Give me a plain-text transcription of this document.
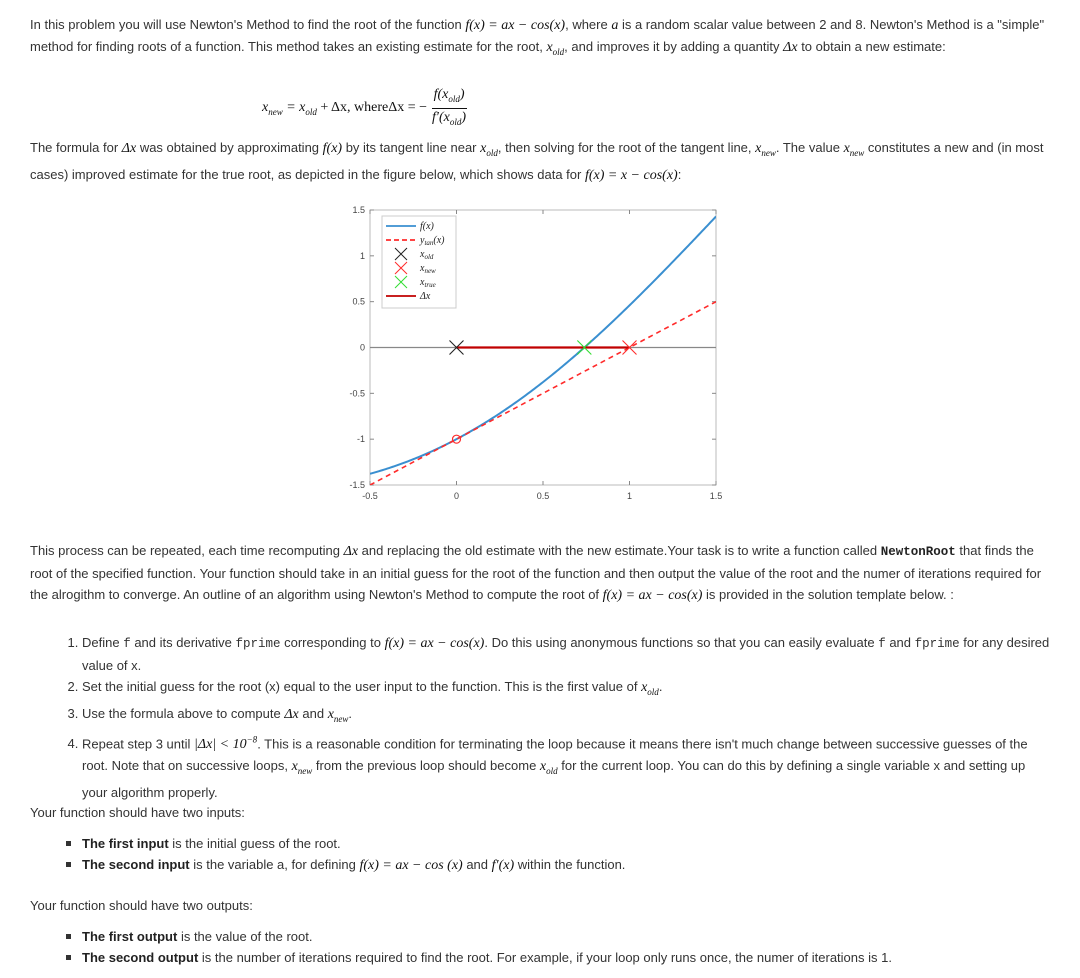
In this problem you will use Newton's Method to find the root of the function f(x) = ax − cos(x), where a is a random scalar value between 2 and 8. Newton's Method is a "simple" method for finding roots of a function. This method takes an existing estimate for the root, $x_{old}$, and improves it by adding a quantity Δx to obtain a new estimate:

$x_{new} = x_{old} + \Delta x$, whereΔx = − $\frac{f(x_{old})}{f'(x_{old})}$

The formula for Δx was obtained by approximating f(x) by its tangent line near $x_{old}$, then solving for the root of the tangent line, $x_{new}$. The value $x_{new}$ constitutes a new and (in most cases) improved estimate for the true root, as depicted in the figure below, which shows data for f(x) = x − cos(x):

-0.5	0	0.5	1	1.5
1.5
1
0.5
0
-0.5
-1
-1.5
f(x)
$y_{tan}(x)$
$x_{old}$
$x_{new}$
$x_{true}$
Δx

This process can be repeated, each time recomputing Δx and replacing the old estimate with the new estimate.Your task is to write a function called NewtonRoot that finds the root of the specified function. Your function should take in an initial guess for the root of the function and then output the value of the root and the numer of iterations required for the alrogithm to converge. An outline of an algorithm using Newton's Method to compute the root of f(x) = ax − cos(x) is provided in the solution template below. :

1. Define f and its derivative fprime corresponding to f(x) = ax − cos(x). Do this using anonymous functions so that you can easily evaluate f and fprime for any desired value of x.
2. Set the initial guess for the root (x) equal to the user input to the function. This is the first value of $x_{old}$.
3. Use the formula above to compute Δx and $x_{new}$.
4. Repeat step 3 until $|\Delta x| < 10^{-8}$. This is a reasonable condition for terminating the loop because it means there isn't much change between successive guesses of the root. Note that on successive loops, $x_{new}$ from the previous loop should become $x_{old}$ for the current loop. You can do this by defining a single variable x and setting up your algorithm properly.

Your function should have two inputs:

The first input is the initial guess of the root.
The second input is the variable a, for defining f(x) = ax − cos (x) and f′(x) within the function.

Your function should have two outputs:

The first output is the value of the root.
The second output is the number of iterations required to find the root. For example, if your loop only runs once, the numer of iterations is 1.
